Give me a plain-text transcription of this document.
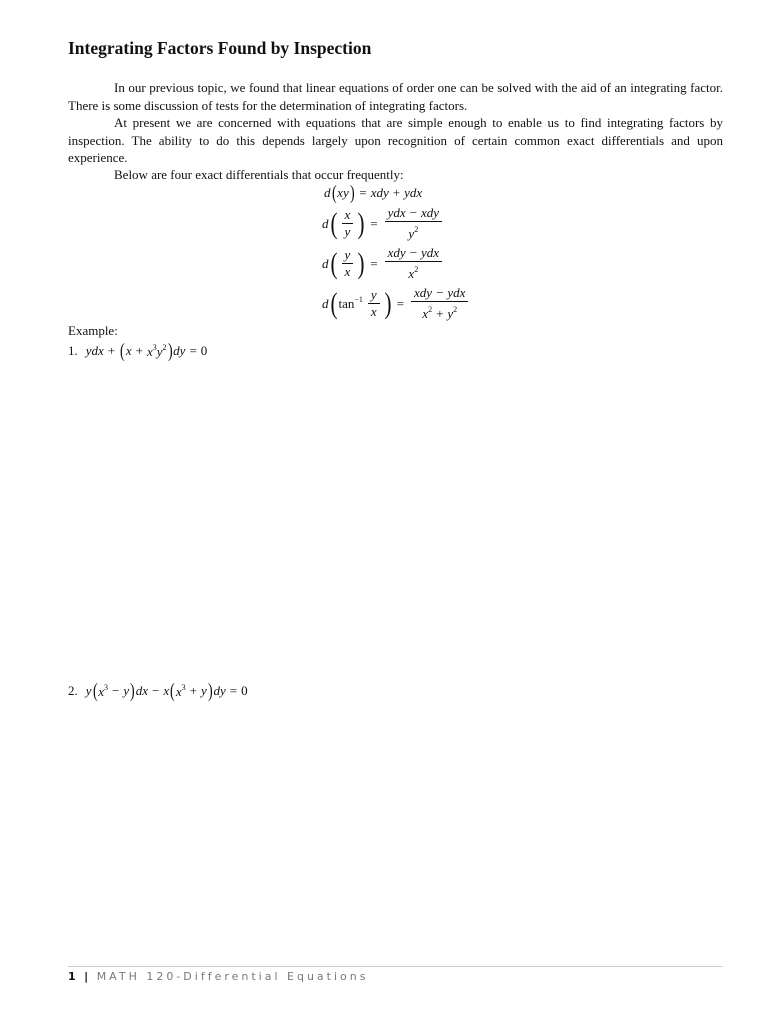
Integrating Factors Found by Inspection

In our previous topic, we found that linear equations of order one can be solved with the aid of an integrating factor. There is some discussion of tests for the determination of integrating factors.

At present we are concerned with equations that are simple enough to enable us to find integrating factors by inspection. The ability to do this depends largely upon recognition of certain common exact differentials and upon experience.

Below are four exact differentials that occur frequently:

d ( xy ) = xdy + ydx
d ( $\frac{x}{y}$ ) = $\frac{\text{ydx − xdy}}{y^2}$
d ( $\frac{y}{x}$ ) = $\frac{\text{xdy − ydx}}{x^2}$
d ( $\tan^{-1} \frac{y}{x}$ ) = $\frac{\text{xdy − ydx}}{x^2 + y^2}$
Example:
1. ydx + ( $x + x^3y^2$ ) dy = 0
2. y ( $x^3 - y$ ) dx − x ( $x^3 + y$ ) dy = 0
1 | MATH 120-Differential Equations
